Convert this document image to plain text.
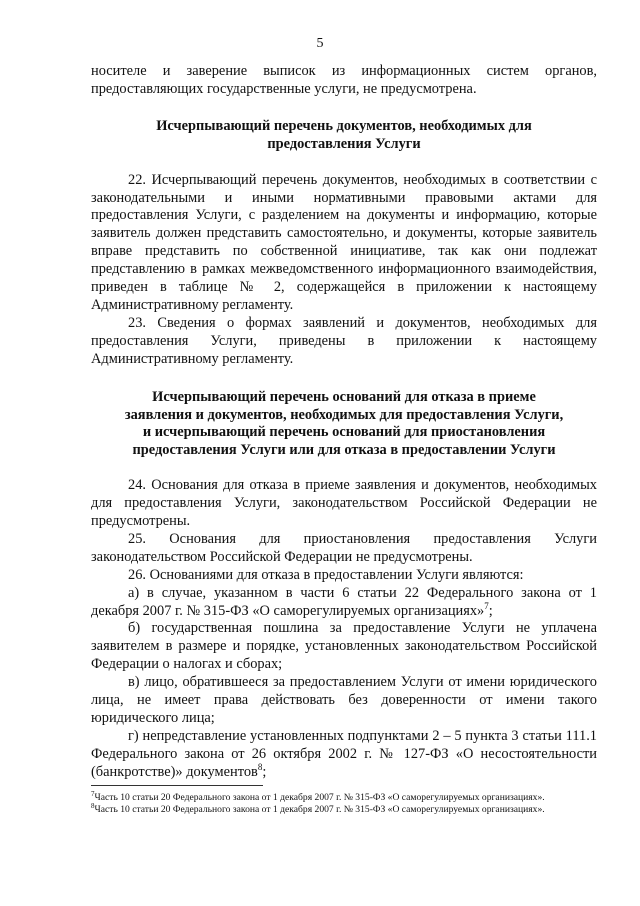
5

носителе и заверение выписок из информационных систем органов, предоставляющих государственные услуги, не предусмотрена.

Исчерпывающий перечень документов, необходимых для
предоставления Услуги

22. Исчерпывающий перечень документов, необходимых в соответствии с законодательными и иными нормативными правовыми актами для предоставления Услуги, с разделением на документы и информацию, которые заявитель должен представить самостоятельно, и документы, которые заявитель вправе представить по собственной инициативе, так как они подлежат представлению в рамках межведомственного информационного взаимодействия, приведен в таблице № 2, содержащейся в приложении к настоящему Административному регламенту.

23. Сведения о формах заявлений и документов, необходимых для предоставления Услуги, приведены в приложении к настоящему Административному регламенту.

Исчерпывающий перечень оснований для отказа в приеме
заявления и документов, необходимых для предоставления Услуги,
и исчерпывающий перечень оснований для приостановления
предоставления Услуги или для отказа в предоставлении Услуги

24. Основания для отказа в приеме заявления и документов, необходимых для предоставления Услуги, законодательством Российской Федерации не предусмотрены.

25. Основания для приостановления предоставления Услуги законодательством Российской Федерации не предусмотрены.

26. Основаниями для отказа в предоставлении Услуги являются:

а) в случае, указанном в части 6 статьи 22 Федерального закона от 1 декабря 2007 г. № 315-ФЗ «О саморегулируемых организациях»$^7$;

б) государственная пошлина за предоставление Услуги не уплачена заявителем в размере и порядке, установленных законодательством Российской Федерации о налогах и сборах;

в) лицо, обратившееся за предоставлением Услуги от имени юридического лица, не имеет права действовать без доверенности от имени такого юридического лица;

г) непредставление установленных подпунктами 2 – 5 пункта 3 статьи 111.1 Федерального закона от 26 октября 2002 г. № 127-ФЗ «О несостоятельности (банкротстве)» документов$^8$;

$^7$Часть 10 статьи 20 Федерального закона от 1 декабря 2007 г. № 315-ФЗ «О саморегулируемых организациях».

$^8$Часть 10 статьи 20 Федерального закона от 1 декабря 2007 г. № 315-ФЗ «О саморегулируемых организациях».
